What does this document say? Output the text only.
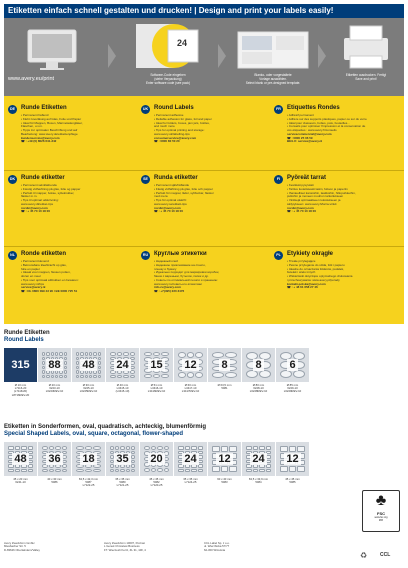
Etiketten einfach schnell gestalten und drucken! | Design and print your labels easily!
www.avery.eu/print
24
Software-Code eingeben
(siehe Verpackung)
Enter software code (see pack)
Blanko- oder vorgestaltete
Vorlage auswählen.
Select blank or pre-designed template.
Etiketten ausdrucken. Fertig!
Save and print!
DE	Runde Etiketten
• Permanent haftend
• Klebt zuverlässig auf Glas, Folie und Papier
• Ideal für Mappen, Boxen, Marmeladengläser,
Flaschen, u.v.m.
• Tipps zur optimalen Beschriftung und auf
Bearbeitung: www.avery.de/etikettenpflege
kundenservice@avery.com
☎ : +49 (0) 8026 641-342
UK Round Labels
• Permanent adhesive
• Reliable adhesion for glass, foil and paper
• Ideal for folders, boxes, jam jars, bottles,
and much more
• Tips for optimal printing and storage:
www.avery.uk/labelling-tips
consumerservice@avery.com
☎ : 0800 80 50 20
FR	Etiquettes Rondes
• Adhésif permanent
• Adhère sur des supports plastiques, papier ou sur du verre
• Idéal pour classeurs, boîtes, pots, bouteilles...
• Conseils pour optimiser l'impression et la conservation de
vos étiquettes : www.avery.fr/conseils
servicecommercial@avery.com
☎ : 0800 25 06 59
BE/LU: service@avery.nl
DK Runde etiketter
• Permanent selvklæbende
• Fæstig vidhæftning på glas, folie og papper
• Perfekt til mapper, bokse, syltekrukker,
flasker m.m.
• Tips til optimal udskrivning:
www.avery.dk/etiket-tips
nordic@avery.com
☎ : + 45 70 10 18 00
SE	Runda etiketter
• Permanent självhäftande
• Fästig vidhäftning på glas, folie och papper
• Perfekt för mappar, lådor, syltburkar, flaskor
med mera
• Tips för optimal utskrift:
www.avery.se/etikett-tips
nordic@avery.com
☎ : + 45 70 10 18 00
FI	Pyöreät tarrat
• Kestävät pysyvästi
• Tarttuu luotettavasti lasiin, folioon ja paperiin
• Ihanteelliset kansioihin, laatikoihin, hillopurkkeihin,
pulloihin ja moneen muuhun tarkoitukseen
• Vinkkejä optimaaliseen tulostukseen ja
säilytykseen: www.avery.fi/tarra-vinkit
nordic@avery.com
☎ : + 45 70 10 18 00
NL	Ronde etiketten
• Permanent klevend
• Betrouwbare kleefkracht op glas,
folie en papier
• Ideaal voor mappen, flessen potten,
dozen en meer
• Tips voor optimaal afdrukken en bewaren:
www.avery.nl/tips
service@avery.nl
☎ : NL 0800 099 43 90 / BE 0800 725 51
RU Круглые этикетки
• Надежный клей
• Надежное приклеивание на стекло,
пленку и бумагу
• Идеально подходят для маркировки коробок,
банок с вареньем, бутылок, папок и др.
• Советы по оптимальной печати и хранению:
www.avery.ru/советы-по-этикеткам
info.ru@avery.com
☎ : +7(495) 220 3476
PL	Etykiety okrągłe
• Trwale przylegające
• Pewne przyleganie do szkła, folii i papieru
• Idealne do oznaczania folderów, pudełek,
butelek i wielu innych
• Wskazówki dotyczące optymalnego drukowania
i przechowywania: www.avery.pl/porady
kontakt-polska@avery.com
☎ : + 48 61 658 27 46
Runde Etiketten
Round Labels
315 88 48 24 15 12 8	8	6
Ø 10 mm
L7116-20
(L7116/20)
L8716REV-20
Ø 20 mm
6223-10
L6223REV-10
Ø 30 mm
6225-10
L6225REV-10
Ø 40 mm
L3415-10
(L3415-10)
Ø 51 mm
L3416-10
L3416REV-10
Ø 60 mm
L3417-10
L3417REV-10
Ø 63,5 mm
5081
Ø 80 mm
6228-10
L6228REV-10
Ø 85 mm
6229-10
L6229REV-10
Etiketten in Sonderformen, oval, quadratisch, achteckig, blumenförmig
Special Shaped Labels, oval, square, octagonal, flower-shaped
48 36 18 35 20 24 12 24 12
45 x 20 mm
6241-10
40 x 30 mm
5086
63,5 x 42,3 mm
5087
L7122-25
35 x 35 mm
5080
L7121-25
45 x 45 mm
5082
L7120-25
35 x 35 mm
L7124-25
60 x 40 mm
5083
63,5 x 33,9 mm
5084
45 x 45 mm
5085
♣
FSC
www.fsc.org
MIX
Avery Zweckform GmbH
Miesbacher Str. 5
D-83626 Oberlaindern/Valley
Avery Zweckform 10007, Poznan
L Genek Chmielew Business
FT. Wieczesh Kertz, ZL 31, 10F, 4
CCL Label Sp. z o.o.
ul. Wierzbicka 57/77
62-300 Września
♻	CCL
